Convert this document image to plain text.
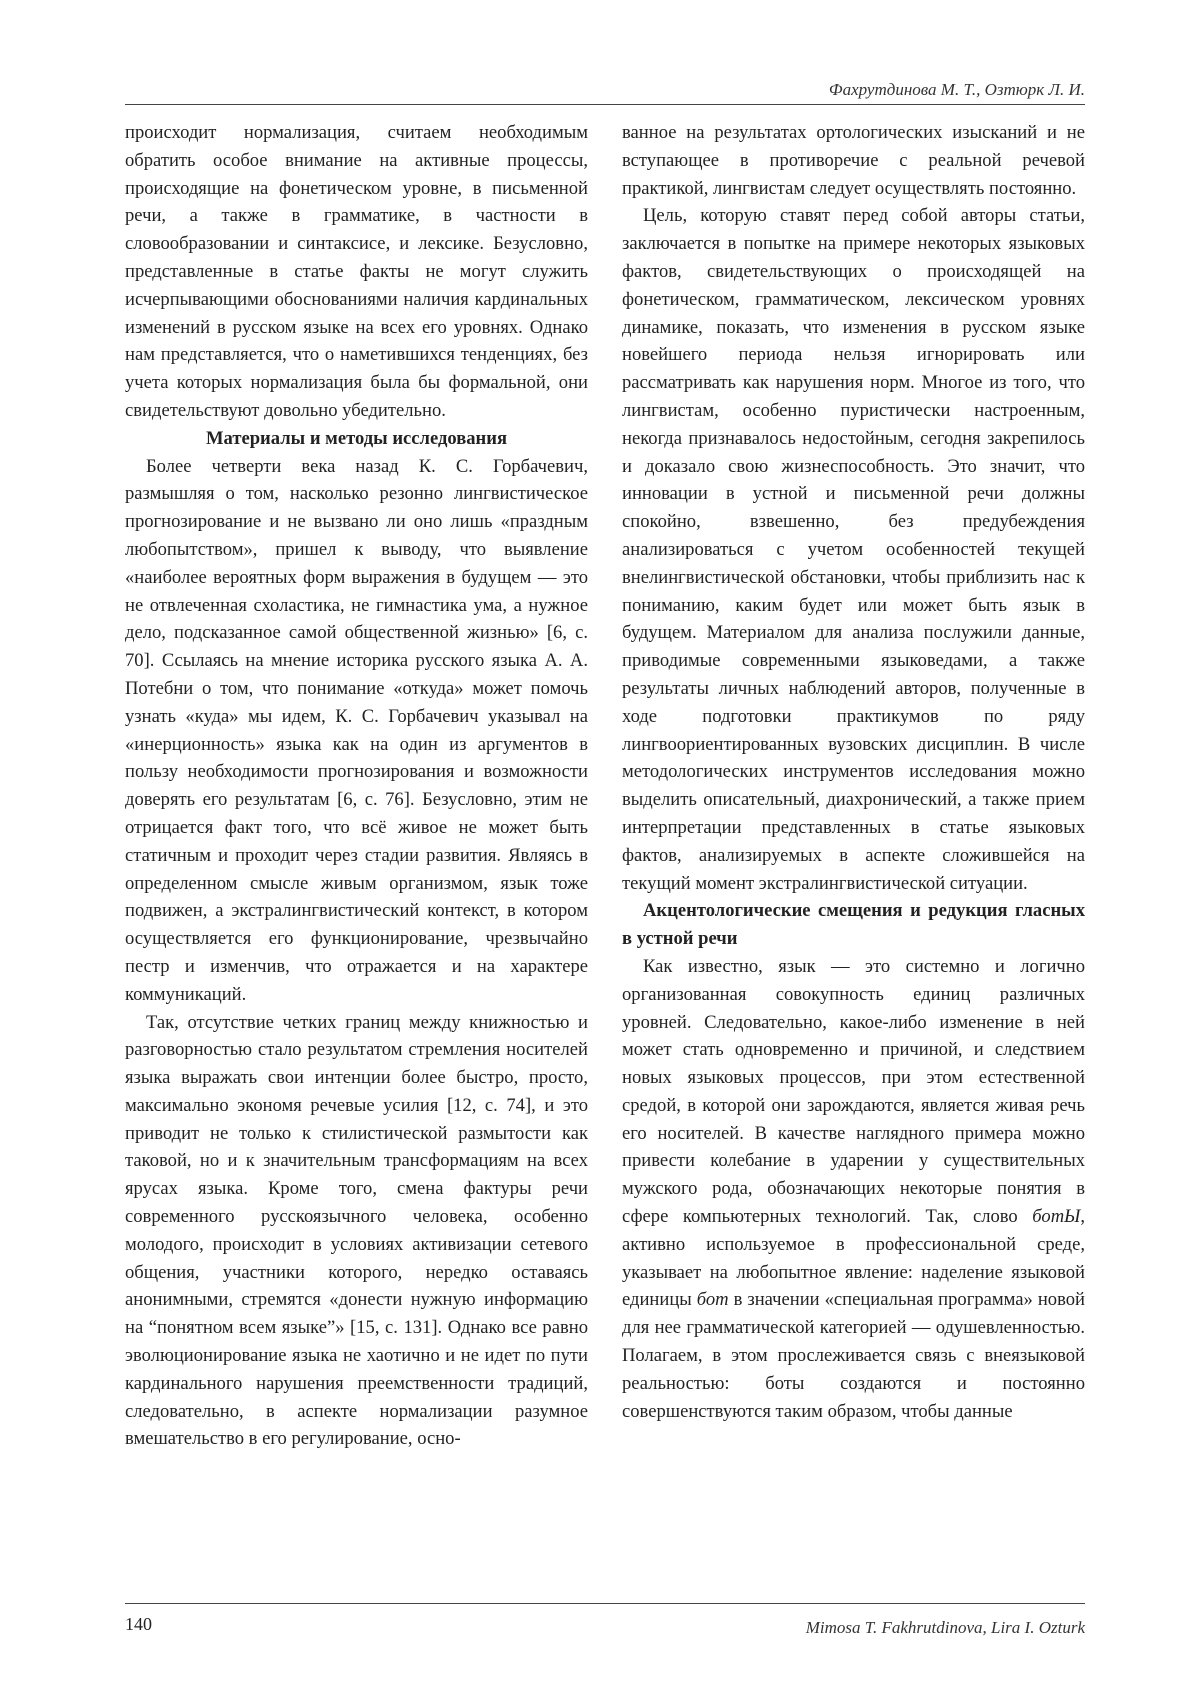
Фахрутдинова М. Т., Озтюрк Л. И.

происходит нормализация, считаем необходимым обратить особое внимание на активные процессы, происходящие на фонетическом уровне, в письменной речи, а также в грамматике, в частности в словообразовании и синтаксисе, и лексике. Безусловно, представленные в статье факты не могут служить исчерпывающими обоснованиями наличия кардинальных изменений в русском языке на всех его уровнях. Однако нам представляется, что о наметившихся тенденциях, без учета которых нормализация была бы формальной, они свидетельствуют довольно убедительно.

Материалы и методы исследования

Более четверти века назад К. С. Горбачевич, размышляя о том, насколько резонно лингвистическое прогнозирование и не вызвано ли оно лишь «праздным любопытством», пришел к выводу, что выявление «наиболее вероятных форм выражения в будущем — это не отвлеченная схоластика, не гимнастика ума, а нужное дело, подсказанное самой общественной жизнью» [6, с. 70]. Ссылаясь на мнение историка русского языка А. А. Потебни о том, что понимание «откуда» может помочь узнать «куда» мы идем, К. С. Горбачевич указывал на «инерционность» языка как на один из аргументов в пользу необходимости прогнозирования и возможности доверять его результатам [6, с. 76]. Безусловно, этим не отрицается факт того, что всё живое не может быть статичным и проходит через стадии развития. Являясь в определенном смысле живым организмом, язык тоже подвижен, а экстралингвистический контекст, в котором осуществляется его функционирование, чрезвычайно пестр и изменчив, что отражается и на характере коммуникаций.

Так, отсутствие четких границ между книжностью и разговорностью стало результатом стремления носителей языка выражать свои интенции более быстро, просто, максимально экономя речевые усилия [12, с. 74], и это приводит не только к стилистической размытости как таковой, но и к значительным трансформациям на всех ярусах языка. Кроме того, смена фактуры речи современного русскоязычного человека, особенно молодого, происходит в условиях активизации сетевого общения, участники которого, нередко оставаясь анонимными, стремятся «донести нужную информацию на “понятном всем языке”» [15, с. 131]. Однако все равно эволюционирование языка не хаотично и не идет по пути кардинального нарушения преемственности традиций, следовательно, в аспекте нормализации разумное вмешательство в его регулирование, осно-

ванное на результатах ортологических изысканий и не вступающее в противоречие с реальной речевой практикой, лингвистам следует осуществлять постоянно.

Цель, которую ставят перед собой авторы статьи, заключается в попытке на примере некоторых языковых фактов, свидетельствующих о происходящей на фонетическом, грамматическом, лексическом уровнях динамике, показать, что изменения в русском языке новейшего периода нельзя игнорировать или рассматривать как нарушения норм. Многое из того, что лингвистам, особенно пуристически настроенным, некогда признавалось недостойным, сегодня закрепилось и доказало свою жизнеспособность. Это значит, что инновации в устной и письменной речи должны спокойно, взвешенно, без предубеждения анализироваться с учетом особенностей текущей внелингвистической обстановки, чтобы приблизить нас к пониманию, каким будет или может быть язык в будущем. Материалом для анализа послужили данные, приводимые современными языковедами, а также результаты личных наблюдений авторов, полученные в ходе подготовки практикумов по ряду лингвоориентированных вузовских дисциплин. В числе методологических инструментов исследования можно выделить описательный, диахронический, а также прием интерпретации представленных в статье языковых фактов, анализируемых в аспекте сложившейся на текущий момент экстралингвистической ситуации.

Акцентологические смещения и редукция гласных в устной речи

Как известно, язык — это системно и логично организованная совокупность единиц различных уровней. Следовательно, какое-либо изменение в ней может стать одновременно и причиной, и следствием новых языковых процессов, при этом естественной средой, в которой они зарождаются, является живая речь его носителей. В качестве наглядного примера можно привести колебание в ударении у существительных мужского рода, обозначающих некоторые понятия в сфере компьютерных технологий. Так, слово ботЫ, активно используемое в профессиональной среде, указывает на любопытное явление: наделение языковой единицы бот в значении «специальная программа» новой для нее грамматической категорией — одушевленностью. Полагаем, в этом прослеживается связь с внеязыковой реальностью: боты создаются и постоянно совершенствуются таким образом, чтобы данные

140	Mimosa T. Fakhrutdinova, Lira I. Ozturk
